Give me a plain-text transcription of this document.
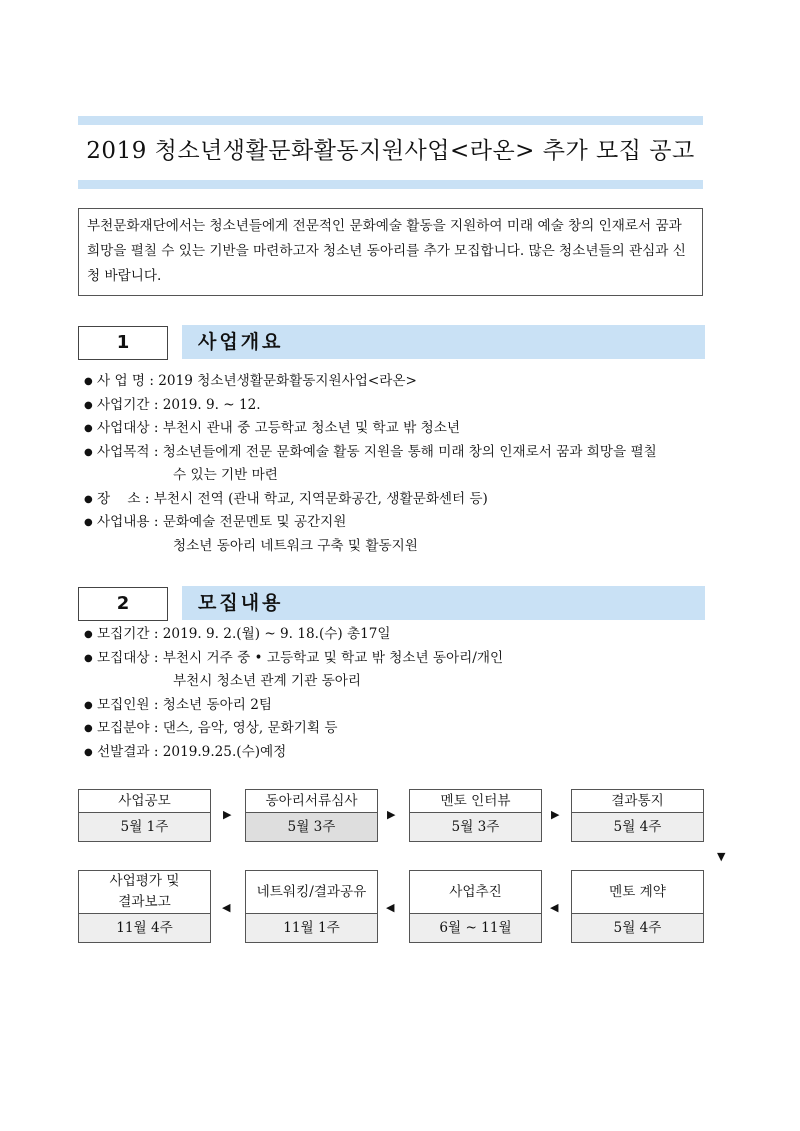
2019 청소년생활문화활동지원사업<라온> 추가 모집 공고
부천문화재단에서는 청소년들에게 전문적인 문화예술 활동을 지원하여 미래 예술 창의 인재로서 꿈과 희망을 펼칠 수 있는 기반을 마련하고자 청소년 동아리를 추가 모집합니다. 많은 청소년들의 관심과 신청 바랍니다.
1	사업개요
● 사 업 명 : 2019 청소년생활문화활동지원사업<라온>
● 사업기간 : 2019. 9. ~ 12.
● 사업대상 : 부천시 관내 중 고등학교 청소년 및 학교 밖 청소년
● 사업목적 : 청소년들에게 전문 문화예술 활동 지원을 통해 미래 창의 인재로서 꿈과 희망을 펼칠
수 있는 기반 마련
● 장    소 : 부천시 전역 (관내 학교, 지역문화공간, 생활문화센터 등)
● 사업내용 : 문화예술 전문멘토 및 공간지원
청소년 동아리 네트워크 구축 및 활동지원
2	모집내용
● 모집기간 : 2019. 9. 2.(월) ~ 9. 18.(수) 총17일
● 모집대상 : 부천시 거주 중 • 고등학교 및 학교 밖 청소년 동아리/개인
부천시 청소년 관계 기관 동아리
● 모집인원 : 청소년 동아리 2팀
● 모집분야 : 댄스, 음악, 영상, 문화기획 등
● 선발결과 : 2019.9.25.(수)예정
사업공모
5월 1주
동아리서류심사
5월 3주
멘토 인터뷰
5월 3주
결과통지
5월 4주
▶	▶	▶
▼
사업평가 및
결과보고
11월 4주
네트워킹/결과공유
11월 1주
사업추진
6월 ~ 11월
멘토 계약
5월 4주
◀	◀	◀
